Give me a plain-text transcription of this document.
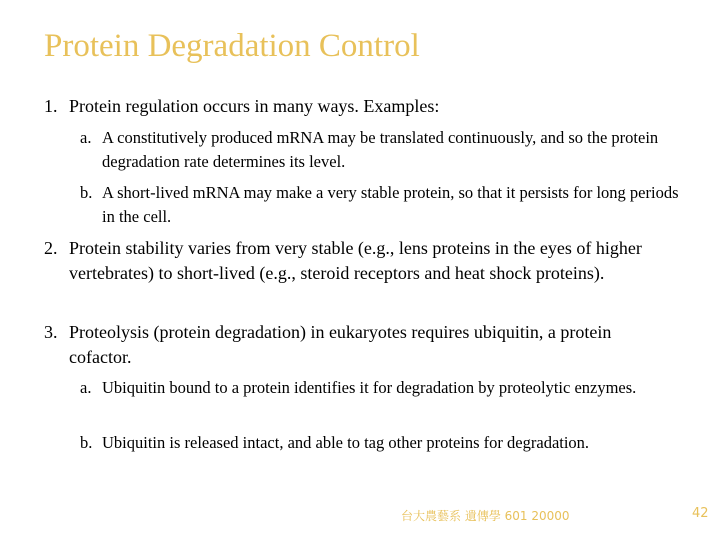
Protein Degradation Control
1. Protein regulation occurs in many ways. Examples:
a. A constitutively produced mRNA may be translated continuously, and so the protein degradation rate determines its level.
b. A short-lived mRNA may make a very stable protein, so that it persists for long periods in the cell.
2. Protein stability varies from very stable (e.g., lens proteins in the eyes of higher vertebrates) to short-lived (e.g., steroid receptors and heat shock proteins).
3. Proteolysis (protein degradation) in eukaryotes requires ubiquitin, a protein cofactor.
a. Ubiquitin bound to a protein identifies it for degradation by proteolytic enzymes.
b. Ubiquitin is released intact, and able to tag other proteins for degradation.
台大農藝系 遺傳學 601 20000	42
